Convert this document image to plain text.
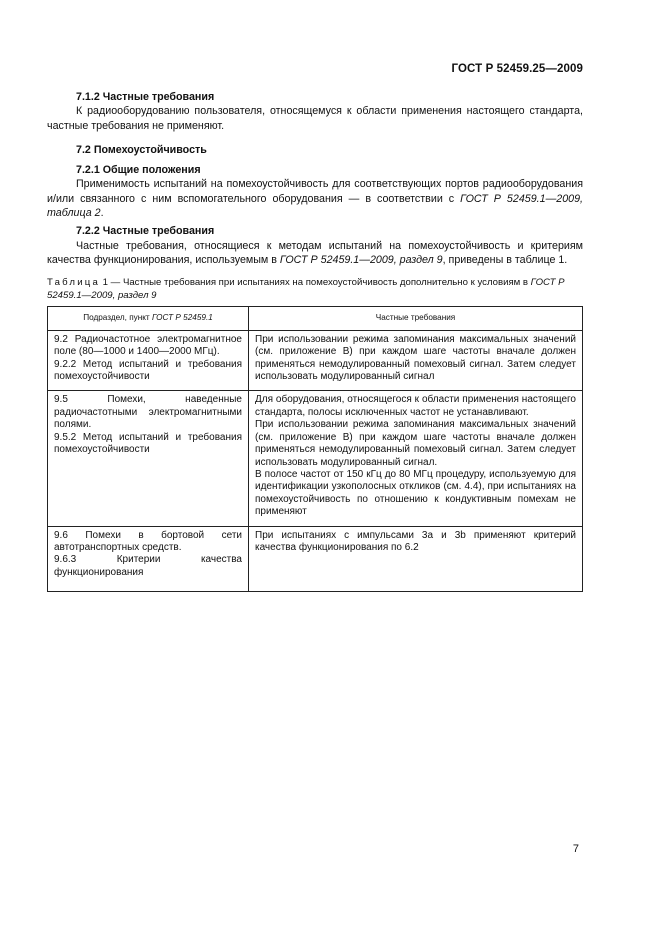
ГОСТ Р 52459.25—2009
7.1.2 Частные требования

К радиооборудованию пользователя, относящемуся к области применения настоящего стандарта, частные требования не применяют.

7.2 Помехоустойчивость
7.2.1 Общие положения

Применимость испытаний на помехоустойчивость для соответствующих портов радиооборудования и/или связанного с ним вспомогательного оборудования — в соответствии с ГОСТ Р 52459.1—2009, таблица 2.

7.2.2 Частные требования

Частные требования, относящиеся к методам испытаний на помехоустойчивость и критериям качества функционирования, используемым в ГОСТ Р 52459.1—2009, раздел 9, приведены в таблице 1.

Таблица 1 — Частные требования при испытаниях на помехоустойчивость дополнительно к условиям в ГОСТ Р 52459.1—2009, раздел 9
Подраздел, пункт ГОСТ Р 52459.1	Частные требования

9.2 Радиочастотное электромагнитное поле (80—1000 и 1400—2000 МГц).
9.2.2 Метод испытаний и требования помехоустойчивости	При использовании режима запоминания максимальных значений (см. приложение В) при каждом шаге частоты вначале должен применяться немодулированный помеховый сигнал. Затем следует использовать модулированный сигнал

9.5 Помехи, наведенные радиочастотными электромагнитными полями.
9.5.2 Метод испытаний и требования помехоустойчивости	Для оборудования, относящегося к области применения настоящего стандарта, полосы исключенных частот не устанавливают.
При использовании режима запоминания максимальных значений (см. приложение В) при каждом шаге частоты вначале должен применяться немодулированный помеховый сигнал. Затем следует использовать модулированный сигнал.
В полосе частот от 150 кГц до 80 МГц процедуру, используемую для идентификации узкополосных откликов (см. 4.4), при испытаниях на помехоустойчивость по отношению к кондуктивным помехам не применяют

9.6 Помехи в бортовой сети автотранспортных средств.
9.6.3 Критерии качества функционирования	При испытаниях с импульсами 3а и 3b применяют критерий качества функционирования по 6.2
7
